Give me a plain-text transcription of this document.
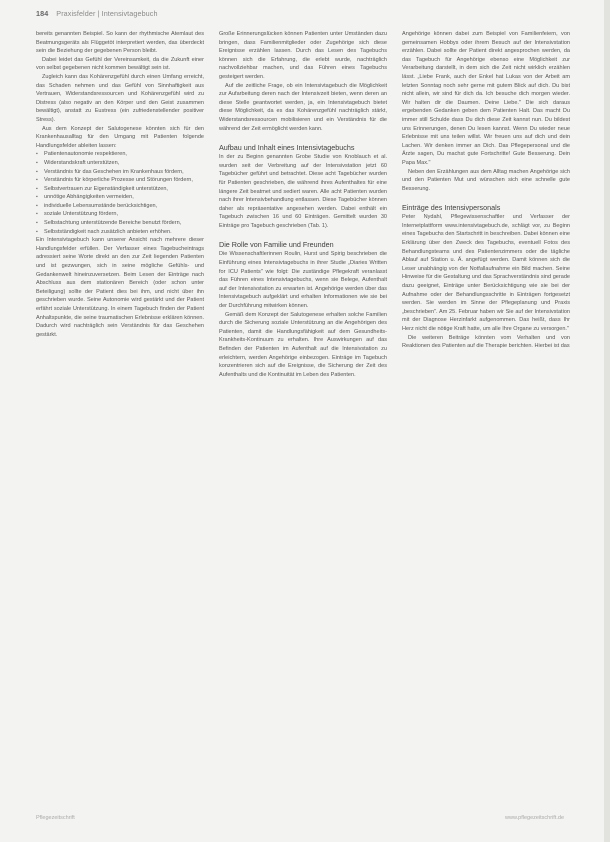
184 Praxisfelder | Intensivtagebuch

bereits genannten Beispiel. So kann der rhythmische Atemlaut des Beatmungsgeräts als Flüggetöt interpretiert werden, das überdeckt sein die Beziehung der gegebenen Person bleibt.

Dabei leidet das Gefühl der Vereinsamkeit, da die Zukunft einer von selbst gegebenen nicht kommen bewältigt sein ist.

Zugleich kann das Kohärenzgefühl durch einen Umfang erreicht, das Schaden nehmen und das Gefühl von Sinnhaftigkeit aus Vertrauen, Widerstandsressourcen und Kohärenzgefühl wird zu Distress (also negativ an den Körper und den Geist zusammen bewältigt), anstatt zu Eustress (ein zufriedenstellender positiver Stress).

Aus dem Konzept der Salutogenese könnten sich für den Krankenhausalltag für den Umgang mit Patienten folgende Handlungsfelder ableiten lassen:

▪ Patientenautonomie respektieren,
▪ Widerstandskraft unterstützen,
▪ Verständnis für das Geschehen im Krankenhaus fördern,
▪ Verständnis für körperliche Prozesse und Störungen fördern,
▪ Selbstvertrauen zur Eigenständigkeit unterstützen,
▪ unnötige Abhängigkeiten vermeiden,
▪ individuelle Lebensumstände berücksichtigen,
▪ soziale Unterstützung fördern,
▪ Selbstachtung unterstützende Bereiche benutzt fördern,
▪ Selbstständigkeit nach zusätzlich anbieten erhöhen.

Ein Intensivtagebuch kann unserer Ansicht nach mehrere dieser Handlungsfelder erfüllen. Der Verfasser eines Tagebucheintrags adressiert seine Worte direkt an den zur Zeit liegenden Patienten und ist gezwungen, sich in seine mögliche Gefühls- und Gedankenwelt hineinzuversetzen. Beim Lesen der Einträge nach Abschluss aus dem stationären Bereich (oder schon unter Beteiligung) sollte der Patient dies bei ihm, und nicht über ihn geschrieben wurde. Seine Autonomie wird gestärkt und der Patient erfährt soziale Unterstützung. In einem Tagebuch finden der Patient Anhaltspunkte, die seine traumatischen Erlebnisse erklären können. Dadurch wird nachträglich sein Verständnis für das Geschehen gestärkt.

Große Erinnerungslücken können Patienten unter Umständen dazu bringen, dass Familienmitglieder oder Zugehörige sich diese Ereignisse erzählen lassen. Durch das Lesen des Tagebuchs können sich die Erfahrung, die erlebt wurde, nachträglich nachvollziehbar machen, und das Führen eines Tagebuchs gesteigert werden.

Auf die zeitliche Frage, ob ein Intensivtagebuch die Möglichkeit zur Aufarbeitung deren nach der Intensivzeit bieten, wenn deren an diese Stelle geantwortet werden, ja, ein Intensivtagebuch bietet diese Möglichkeit, da es das Kohärenzgefühl nachträglich stärkt, Widerstandsressourcen mobilisieren und ein Verständnis für die während der Zeit ermöglicht werden kann.

Aufbau und Inhalt eines Intensivtagebuchs

In der zu Beginn genannten Grobe Studie von Knoblauch et al. wurden seit der Verbreitung auf der Intensivstation jetzt 60 Tagebücher geführt und betrachtet. Diese acht Tagebücher wurden für Patienten geschrieben, die während ihres Aufenthaltes für eine längere Zeit beatmet und sediert waren. Alle acht Patienten wurden nach ihrer Intensivbehandlung entlassen. Diese Tagebücher können daher als repräsentative angesehen werden. Dabei enthält ein Tagebuch zwischen 16 und 60 Einträgen. Gemittelt wurden 30 Einträge pro Tagebuch geschrieben (Tab. 1).

Die Rolle von Familie und Freunden

Die Wissenschaftlerinnen Roulin, Hurst und Spirig beschrieben die Einführung eines Intensivtagebuchs in ihrer Studie „Diaries Written for ICU Patients" wie folgt: Die zuständige Pflegekraft veranlasst das Führen eines Intensivtagebuchs, wenn sie Belege, Aufenthalt auf der Intensivstation zu erwarten ist. Angehörige werden über das Intensivtagebuch aufgeklärt und erhalten Informationen wie sie bei der Durchführung mitwirken können.

Gemäß dem Konzept der Salutogenese erhalten solche Familien durch die Sicherung soziale Unterstützung an die Angehörigen des Patienten, damit die Handlungsfähigkeit auf dem Gesundheits-Krankheits-Kontinuum zu erhalten. Ihre Auswirkungen auf das Befinden der Patienten im Aufenthalt auf die Intensivstation zu erleichtern, werden Angehörige einbezogen. Einträge im Tagebuch konzentrieren sich auf die Ereignisse, die Sicherung der Zeit des Aufenthalts und die Kontinuität im Leben des Patienten.

Angehörige können dabei zum Beispiel von Familienfeiern, von gemeinsamen Hobbys oder ihrem Besuch auf der Intensivstation erzählen. Dabei sollte der Patient direkt angesprochen werden, da das Tagebuch für Angehörige ebenso eine Möglichkeit zur Verarbeitung darstellt, in dem sich die Zeit nicht wirklich erzählen lässt. „Liebe Frank, auch der Enkel hat Lukas von der Arbeit am letzten Sonntag noch sehr gerne mit gutem Blick auf dich. Du bist nicht allein, wir sind für dich da. Ich besuche dich morgen wieder. Wir halten dir die Daumen. Deine Liebe." Die sich daraus ergebenden Gedanken geben dem Patienten Halt. Das macht Du immer still Schulde dass Du dich diese Zeit kannst nun. Du bildest uns Erinnerungen, denen Du lesen kannst. Wenn Du wieder neue Erlebnisse mit uns teilen willst. Wir freuen uns auf dich und dein Lachen. Wir denken immer an Dich. Das Pflegepersonal und die Ärzte sagen, Du machst gute Fortschritte! Gute Besserung. Dein Papa Max."

Neben den Erzählungen aus dem Alltag machen Angehörige sich und den Patienten Mut und wünschen sich eine schnelle gute Besserung.

Einträge des Intensivpersonals

Peter Nydahl, Pflegewissenschaftler und Verfasser der Internetplattform www.intensivtagebuch.de, schlägt vor, zu Beginn eines Tagebuchs den Startschritt in beschreiben. Dabei können eine Erklärung über den Zweck des Tagebuchs, eventuell Fotos des Behandlungsteams und des Patientenzimmers oder die tägliche Ablauf auf Station u. Ä. angefügt werden. Damit können sich die Leser unabhängig von der Notfallaufnahme ein Bild machen. Seine Hinweise für die Gestaltung und das Sprachverständnis sind gerade dazu geeignet, Einträge unter Berücksichtigung wie sie bei der Aufnahme oder der Behandlungsschritte in Einträgen fortgesetzt werden. Sie werden im Sinne der Pflegeplanung und Praxis „beschrieben". Am 25. Februar haben wir Sie auf der Intensivstation mit der Diagnose Herzinfarkt aufgenommen. Das heißt, dass Ihr Herz nicht die nötige Kraft hatte, um alle Ihre Organe zu versorgen."

Die weiteren Beiträge könnten vom Verhalten und von Reaktionen des Patienten auf die Therapie berichten. Hierbei ist das

Pflegezeitschrift	www.pflegezeitschrift.de
